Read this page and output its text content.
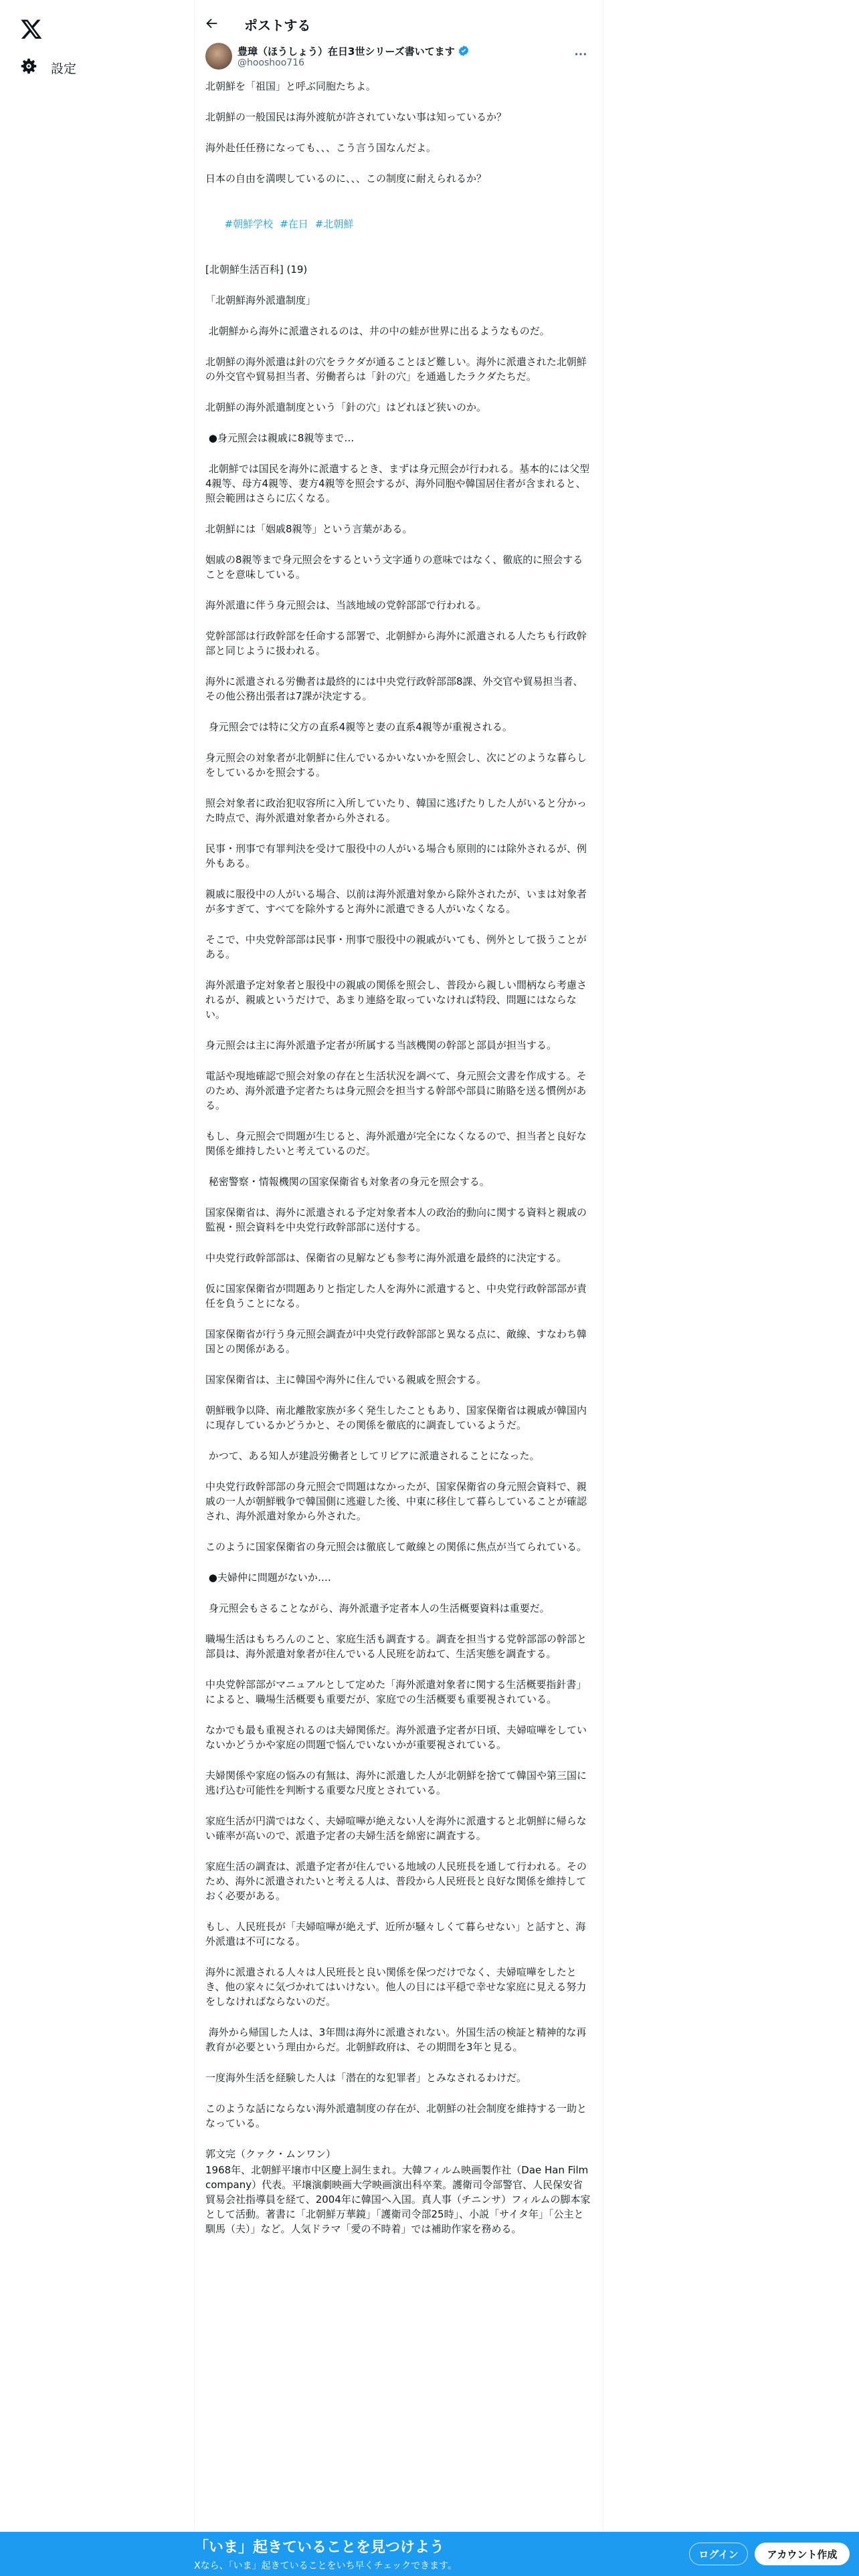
設定
ポストする
豊璋（ほうしょう）在日3世シリーズ書いてます
@hooshoo716

北朝鮮を「祖国」と呼ぶ同胞たちよ。

北朝鮮の一般国民は海外渡航が許されていない事は知っているか？

海外赴任任務になっても、、、こう言う国なんだよ。

日本の自由を満喫しているのに、、、この制度に耐えられるか？

#朝鮮学校 #在日 #北朝鮮

[北朝鮮生活百科] (19)

「北朝鮮海外派遣制度」

北朝鮮から海外に派遣されるのは、井の中の蛙が世界に出るようなものだ。

北朝鮮の海外派遣は針の穴をラクダが通ることほど難しい。海外に派遣された北朝鮮の外交官や貿易担当者、労働者らは「針の穴」を通過したラクダたちだ。

北朝鮮の海外派遣制度という「針の穴」はどれほど狭いのか。

●身元照会は親戚に8親等まで…

北朝鮮では国民を海外に派遣するとき、まずは身元照会が行われる。基本的には父型4親等、母方4親等、妻方4親等を照会するが、海外同胞や韓国居住者が含まれると、照会範囲はさらに広くなる。

北朝鮮には「姻戚8親等」という言葉がある。

姻戚の8親等まで身元照会をするという文字通りの意味ではなく、徹底的に照会することを意味している。

海外派遣に伴う身元照会は、当該地域の党幹部部で行われる。

党幹部部は行政幹部を任命する部署で、北朝鮮から海外に派遣される人たちも行政幹部と同じように扱われる。

海外に派遣される労働者は最終的には中央党行政幹部部8課、外交官や貿易担当者、その他公務出張者は7課が決定する。

身元照会では特に父方の直系4親等と妻の直系4親等が重視される。

身元照会の対象者が北朝鮮に住んでいるかいないかを照会し、次にどのような暮らしをしているかを照会する。

照会対象者に政治犯収容所に入所していたり、韓国に逃げたりした人がいると分かった時点で、海外派遣対象者から外される。

民事・刑事で有罪判決を受けて服役中の人がいる場合も原則的には除外されるが、例外もある。

親戚に服役中の人がいる場合、以前は海外派遣対象から除外されたが、いまは対象者が多すぎて、すべてを除外すると海外に派遣できる人がいなくなる。

そこで、中央党幹部部は民事・刑事で服役中の親戚がいても、例外として扱うことがある。

海外派遣予定対象者と服役中の親戚の関係を照会し、普段から親しい間柄なら考慮されるが、親戚というだけで、あまり連絡を取っていなければ特段、問題にはならない。

身元照会は主に海外派遣予定者が所属する当該機関の幹部と部員が担当する。

電話や現地確認で照会対象の存在と生活状況を調べて、身元照会文書を作成する。そのため、海外派遣予定者たちは身元照会を担当する幹部や部員に賄賂を送る慣例がある。

もし、身元照会で問題が生じると、海外派遣が完全になくなるので、担当者と良好な関係を維持したいと考えているのだ。

秘密警察・情報機関の国家保衛省も対象者の身元を照会する。

国家保衛省は、海外に派遣される予定対象者本人の政治的動向に関する資料と親戚の監視・照会資料を中央党行政幹部部に送付する。

中央党行政幹部部は、保衛省の見解なども参考に海外派遣を最終的に決定する。

仮に国家保衛省が問題ありと指定した人を海外に派遣すると、中央党行政幹部部が責任を負うことになる。

国家保衛省が行う身元照会調査が中央党行政幹部部と異なる点に、敵線、すなわち韓国との関係がある。

国家保衛省は、主に韓国や海外に住んでいる親戚を照会する。

朝鮮戦争以降、南北離散家族が多く発生したこともあり、国家保衛省は親戚が韓国内に現存しているかどうかと、その関係を徹底的に調査しているようだ。

かつて、ある知人が建設労働者としてリビアに派遣されることになった。

中央党行政幹部部の身元照会で問題はなかったが、国家保衛省の身元照会資料で、親戚の一人が朝鮮戦争で韓国側に逃避した後、中東に移住して暮らしていることが確認され、海外派遣対象から外された。

このように国家保衛省の身元照会は徹底して敵線との関係に焦点が当てられている。

●夫婦仲に問題がないか‥‥

身元照会もさることながら、海外派遣予定者本人の生活概要資料は重要だ。

職場生活はもちろんのこと、家庭生活も調査する。調査を担当する党幹部部の幹部と部員は、海外派遣対象者が住んでいる人民班を訪ねて、生活実態を調査する。

中央党幹部部がマニュアルとして定めた「海外派遣対象者に関する生活概要指針書」によると、職場生活概要も重要だが、家庭での生活概要も重要視されている。

なかでも最も重視されるのは夫婦関係だ。海外派遣予定者が日頃、夫婦喧嘩をしていないかどうかや家庭の問題で悩んでいないかが重要視されている。

夫婦関係や家庭の悩みの有無は、海外に派遣した人が北朝鮮を捨てて韓国や第三国に逃げ込む可能性を判断する重要な尺度とされている。

家庭生活が円満ではなく、夫婦喧嘩が絶えない人を海外に派遣すると北朝鮮に帰らない確率が高いので、派遣予定者の夫婦生活を綿密に調査する。

家庭生活の調査は、派遣予定者が住んでいる地域の人民班長を通して行われる。そのため、海外に派遣されたいと考える人は、普段から人民班長と良好な関係を維持しておく必要がある。

もし、人民班長が「夫婦喧嘩が絶えず、近所が騒々しくて暮らせない」と話すと、海外派遣は不可になる。

海外に派遣される人々は人民班長と良い関係を保つだけでなく、夫婦喧嘩をしたとき、他の家々に気づかれてはいけない。他人の目には平穏で幸せな家庭に見える努力をしなければならないのだ。

海外から帰国した人は、3年間は海外に派遣されない。外国生活の検証と精神的な再教育が必要という理由からだ。北朝鮮政府は、その期間を3年と見る。

一度海外生活を経験した人は「潜在的な犯罪者」とみなされるわけだ。

このような話にならない海外派遣制度の存在が、北朝鮮の社会制度を維持する一助となっている。

郭文完（クァク・ムンワン）

1968年、北朝鮮平壌市中区慶上洞生まれ。大韓フィルム映画製作社（Dae Han Film company）代表。平壌演劇映画大学映画演出科卒業。護衛司令部警官、人民保安省貿易会社指導員を経て、2004年に韓国へ入国。真人事（チニンサ）フィルムの脚本家として活動。著書に「北朝鮮万華鏡」「護衛司令部25時」、小説「サイタ年」「公主と馴馬（夫）」など。人気ドラマ「愛の不時着」では補助作家を務める。

「いま」起きていることを見つけよう
Xなら、「いま」起きていることをいち早くチェックできます。
ログイン	アカウント作成
